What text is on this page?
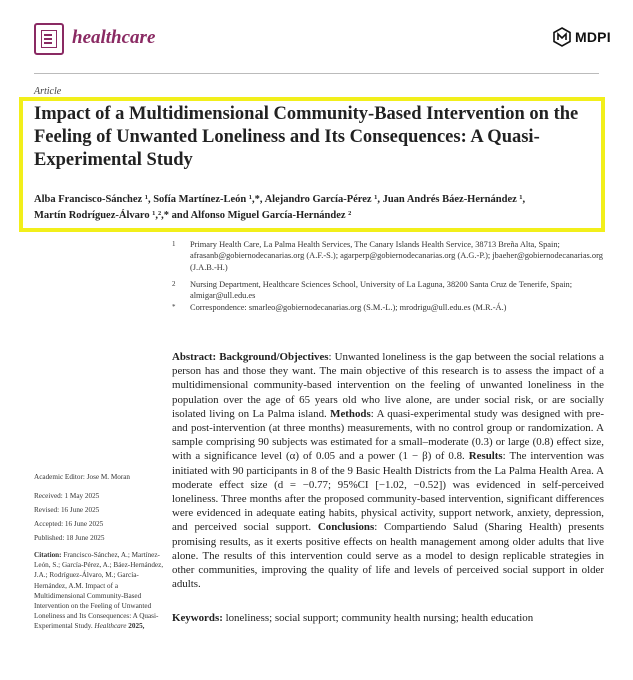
healthcare	MDPI
Article
Impact of a Multidimensional Community-Based Intervention on the Feeling of Unwanted Loneliness and Its Consequences: A Quasi-Experimental Study
Alba Francisco-Sánchez ¹, Sofía Martínez-León ¹,*, Alejandro García-Pérez ¹, Juan Andrés Báez-Hernández ¹,
Martín Rodríguez-Álvaro ¹,²,* and Alfonso Miguel García-Hernández ²
1 Primary Health Care, La Palma Health Services, The Canary Islands Health Service, 38713 Breña Alta, Spain; afrasanb@gobiernodecanarias.org (A.F.-S.); agarperp@gobiernodecanarias.org (A.G.-P.); jbaeher@gobiernodecanarias.org (J.A.B.-H.)
2 Nursing Department, Healthcare Sciences School, University of La Laguna, 38200 Santa Cruz de Tenerife, Spain; almigar@ull.edu.es
* Correspondence: smarleo@gobiernodecanarias.org (S.M.-L.); mrodrigu@ull.edu.es (M.R.-Á.)
Abstract: Background/Objectives: Unwanted loneliness is the gap between the social relations a person has and those they want. The main objective of this research is to assess the impact of a multidimensional community-based intervention on the feeling of unwanted loneliness in the population over the age of 65 years old who live alone, are under social risk, or are socially isolated living on La Palma island. Methods: A quasi-experimental study was designed with pre- and post-intervention (at three months) measurements, with no control group or randomization. A sample comprising 90 subjects was estimated for a small–moderate (0.3) or large (0.8) effect size, with a significance level (α) of 0.05 and a power (1 − β) of 0.8. Results: The intervention was initiated with 90 participants in 8 of the 9 Basic Health Districts from the La Palma Health Area. A moderate effect size (d = −0.77; 95%CI [−1.02, −0.52]) was evidenced in self-perceived loneliness. Three months after the proposed community-based intervention, significant differences were evidenced in adequate eating habits, physical activity, support network, anxiety, depression, and perceived social support. Conclusions: Compartiendo Salud (Sharing Health) presents promising results, as it exerts positive effects on health management among older adults that live alone. The results of this intervention could serve as a model to design replicable strategies in other communities, improving the quality of life and levels of perceived social support in older adults.
Keywords: loneliness; social support; community health nursing; health education
Academic Editor: Jose M. Moran
Received: 1 May 2025
Revised: 16 June 2025
Accepted: 16 June 2025
Published: 18 June 2025
Citation: Francisco-Sánchez, A.; Martínez-León, S.; García-Pérez, A.; Báez-Hernández, J.A.; Rodríguez-Álvaro, M.; García-Hernández, A.M. Impact of a Multidimensional Community-Based Intervention on the Feeling of Unwanted Loneliness and Its Consequences: A Quasi-Experimental Study. Healthcare 2025,
